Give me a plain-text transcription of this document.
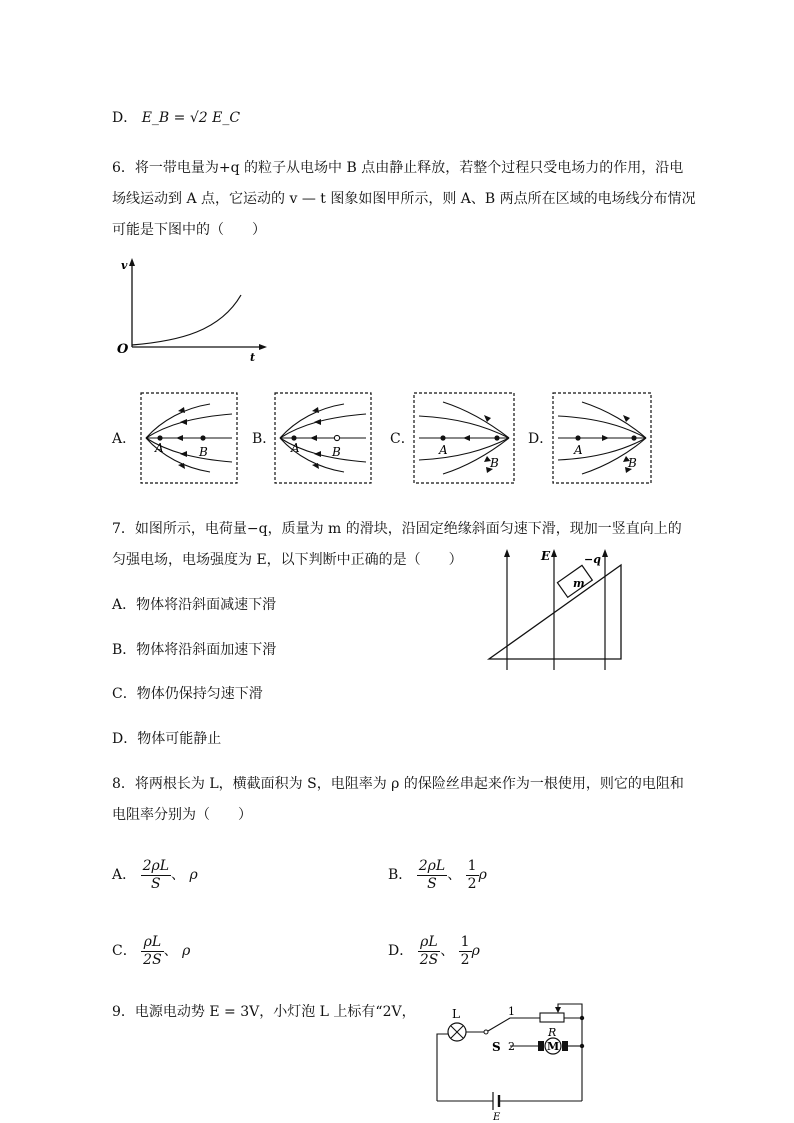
D． E_B = √2 E_C
6．将一带电量为+q 的粒子从电场中 B 点由静止释放，若整个过程只受电场力的作用，沿电
场线运动到 A 点，它运动的 v — t 图象如图甲所示，则 A、B 两点所在区域的电场线分布情况
可能是下图中的（　　）
v
O
t
A．	B．	C．	D．
A	B	A	B	A
B
A
B
7．如图所示，电荷量−q，质量为 m 的滑块，沿固定绝缘斜面匀速下滑，现加一竖直向上的
匀强电场，电场强度为 E，以下判断中正确的是（　　）	E	−q
m
A．物体将沿斜面减速下滑
B．物体将沿斜面加速下滑
C．物体仍保持匀速下滑
D．物体可能静止
8．将两根长为 L，横截面积为 S，电阻率为 ρ 的保险丝串起来作为一根使用，则它的电阻和
电阻率分别为（　　）
A． $\frac{2\rho L}{S}$ 、 ρ	B． $\frac{2\rho L}{S}$ 、 $\frac{1}{2}$ ρ
C． $\frac{\rho L}{2S}$ 、 ρ	D． $\frac{\rho L}{2S}$ 、 $\frac{1}{2}$ ρ
9．电源电动势 E = 3V，小灯泡 L 上标有“2V，	L
S
1
2
R
M
E
